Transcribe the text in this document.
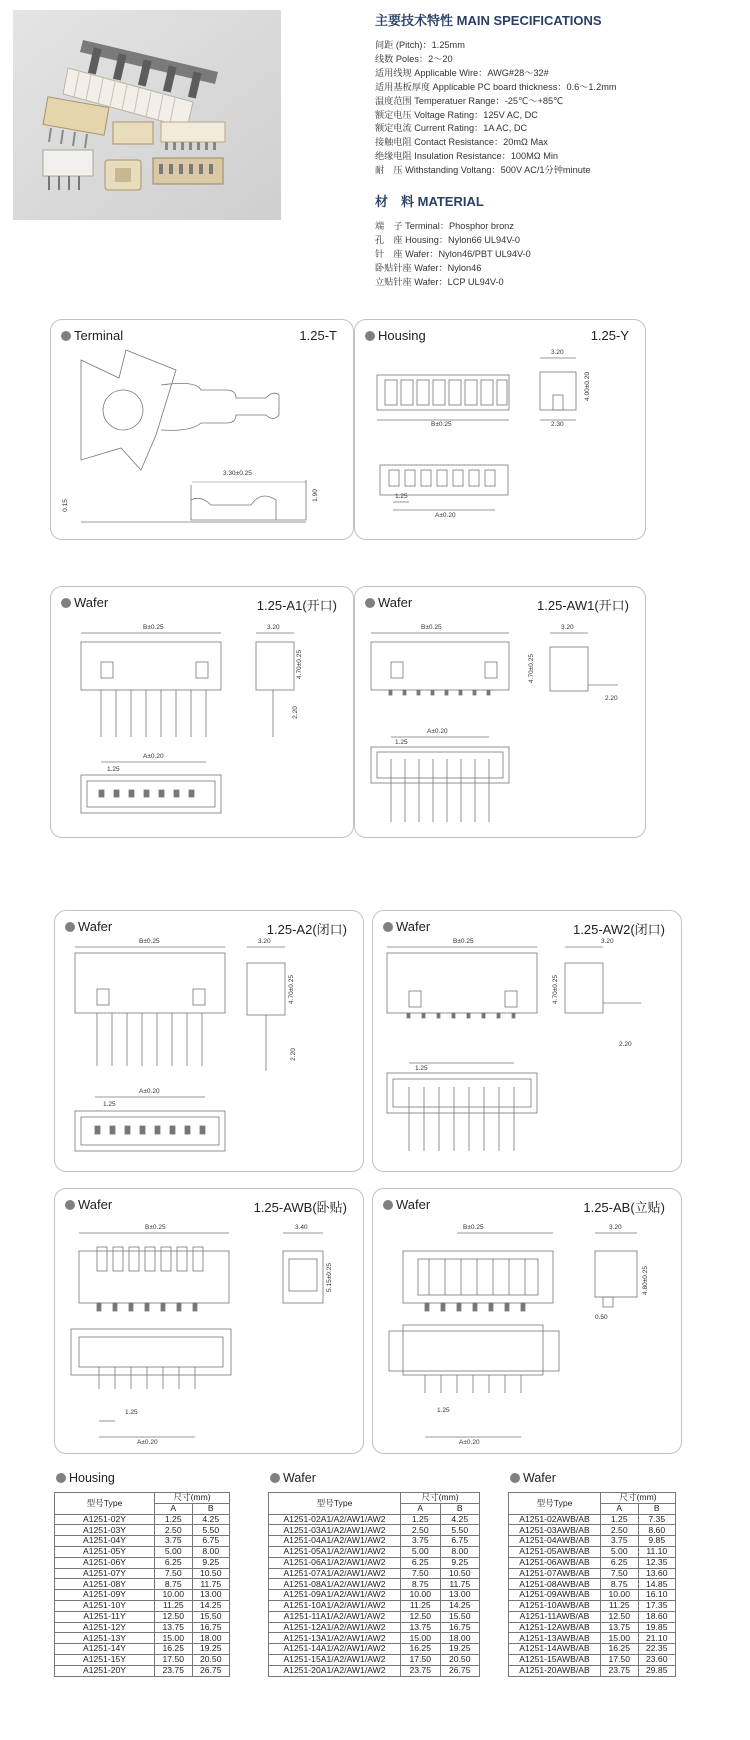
主要技术特性 MAIN SPECIFICATIONS
间距 (Pitch)：1.25mm
线数 Poles：2～20
适用线规 Applicable Wire：AWG#28～32#
适用基板厚度 Applicable PC board thickness：0.6～1.2mm
温度范围 Temperatuer Range：-25℃～+85℃
额定电压 Voltage Rating：125V AC, DC
额定电流 Current Rating：1A AC, DC
接触电阻 Contact Resistance：20mΩ Max
绝缘电阻 Insulation Resistance：100MΩ Min
耐　压 Withstanding Voltang：500V AC/1分钟minute
材　料 MATERIAL
端　子 Terminal：Phosphor bronz
孔　座 Housing：Nylon66 UL94V-0
针　座 Wafer：Nylon46/PBT UL94V-0
卧贴针座 Wafer：Nylon46
立贴针座 Wafer：LCP UL94V-0
Terminal	1.25-T
3.30±0.25
0.15
1.90
Housing	1.25-Y
3.20
B±0.25
4.00±0.20
2.30
1.25
A±0.20
Wafer	1.25-A1(开口)
B±0.25	3.20
4.70±0.25
2.20
A±0.20
1.25
Wafer	1.25-AW1(开口)
B±0.25	3.20
4.70±0.25
2.20
A±0.20
1.25
Wafer	1.25-A2(闭口)
B±0.25	3.20
4.70±0.25
2.20
A±0.20
1.25
Wafer	1.25-AW2(闭口)
B±0.25	3.20
4.70±0.25
2.20
1.25
Wafer	1.25-AWB(卧贴)
B±0.25	3.40
5.15±0.25
1.25
A±0.20
Wafer	1.25-AB(立贴)
B±0.25	3.20
4.80±0.25
0.50
1.25
A±0.20
Housing
型号Type	尺寸(mm)	
	A	B
A1251-02Y	1.25	4.25
A1251-03Y	2.50	5.50
A1251-04Y	3.75	6.75
A1251-05Y	5.00	8.00
A1251-06Y	6.25	9.25
A1251-07Y	7.50	10.50
A1251-08Y	8.75	11.75
A1251-09Y	10.00	13.00
A1251-10Y	11.25	14.25
A1251-11Y	12.50	15.50
A1251-12Y	13.75	16.75
A1251-13Y	15.00	18.00
A1251-14Y	16.25	19.25
A1251-15Y	17.50	20.50
A1251-20Y	23.75	26.75
Wafer
型号Type	尺寸(mm)	
	A	B
A1251-02A1/A2/AW1/AW2	1.25	4.25
A1251-03A1/A2/AW1/AW2	2.50	5.50
A1251-04A1/A2/AW1/AW2	3.75	6.75
A1251-05A1/A2/AW1/AW2	5.00	8.00
A1251-06A1/A2/AW1/AW2	6.25	9.25
A1251-07A1/A2/AW1/AW2	7.50	10.50
A1251-08A1/A2/AW1/AW2	8.75	11.75
A1251-09A1/A2/AW1/AW2	10.00	13.00
A1251-10A1/A2/AW1/AW2	11.25	14.25
A1251-11A1/A2/AW1/AW2	12.50	15.50
A1251-12A1/A2/AW1/AW2	13.75	16.75
A1251-13A1/A2/AW1/AW2	15.00	18.00
A1251-14A1/A2/AW1/AW2	16.25	19.25
A1251-15A1/A2/AW1/AW2	17.50	20.50
A1251-20A1/A2/AW1/AW2	23.75	26.75
Wafer
型号Type	尺寸(mm)	
	A	B
A1251-02AWB/AB	1.25	7.35
A1251-03AWB/AB	2.50	8.60
A1251-04AWB/AB	3.75	9.85
A1251-05AWB/AB	5.00	11.10
A1251-06AWB/AB	6.25	12.35
A1251-07AWB/AB	7.50	13.60
A1251-08AWB/AB	8.75	14.85
A1251-09AWB/AB	10.00	16.10
A1251-10AWB/AB	11.25	17.35
A1251-11AWB/AB	12.50	18.60
A1251-12AWB/AB	13.75	19.85
A1251-13AWB/AB	15.00	21.10
A1251-14AWB/AB	16.25	22.35
A1251-15AWB/AB	17.50	23.60
A1251-20AWB/AB	23.75	29.85
